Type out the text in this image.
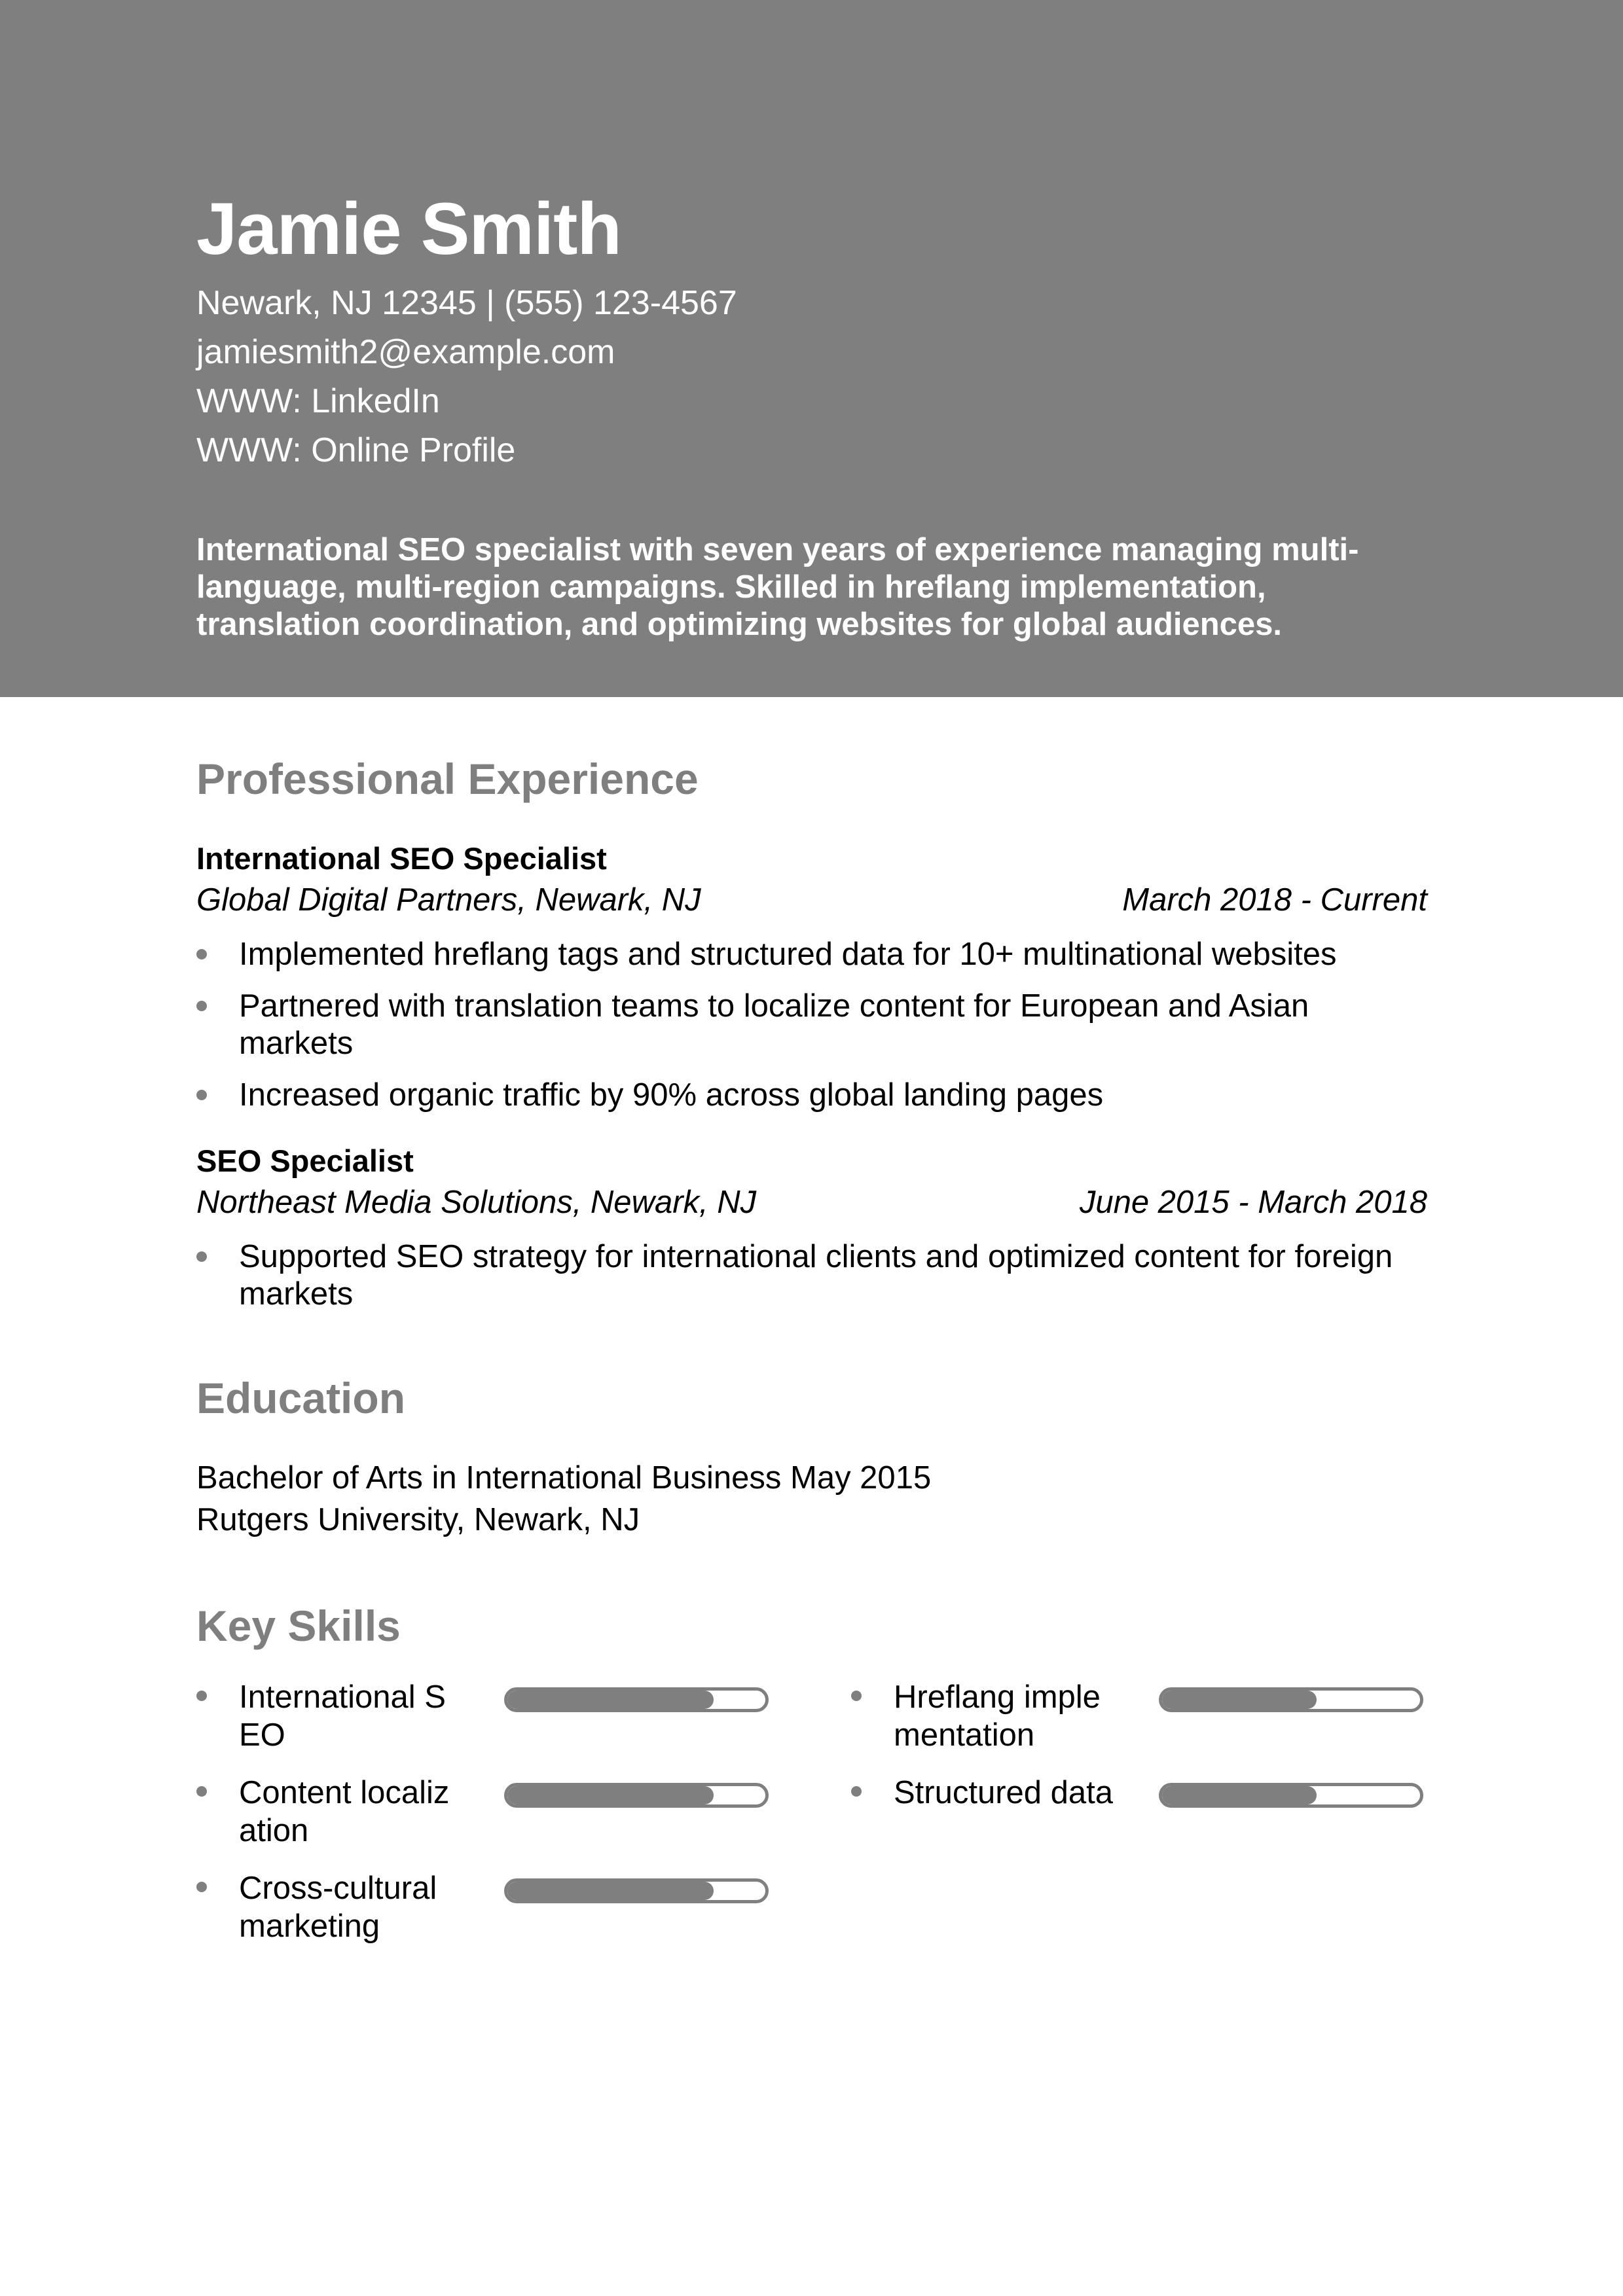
Jamie Smith

Newark, NJ 12345 | (555) 123-4567

jamiesmith2@example.com

WWW: LinkedIn

WWW: Online Profile

International SEO specialist with seven years of experience managing multi-language, multi-region campaigns. Skilled in hreflang implementation, translation coordination, and optimizing websites for global audiences.
Professional Experience

International SEO Specialist

Global Digital Partners, Newark, NJ	March 2018 - Current
Implemented hreflang tags and structured data for 10+ multinational websites
Partnered with translation teams to localize content for European and Asian markets
Increased organic traffic by 90% across global landing pages

SEO Specialist

Northeast Media Solutions, Newark, NJ	June 2015 - March 2018
Supported SEO strategy for international clients and optimized content for foreign markets
Education
Bachelor of Arts in International Business May 2015
Rutgers University, Newark, NJ
Key Skills
International SEO
Hreflang implementation
Content localization
Structured data
Cross-cultural marketing
